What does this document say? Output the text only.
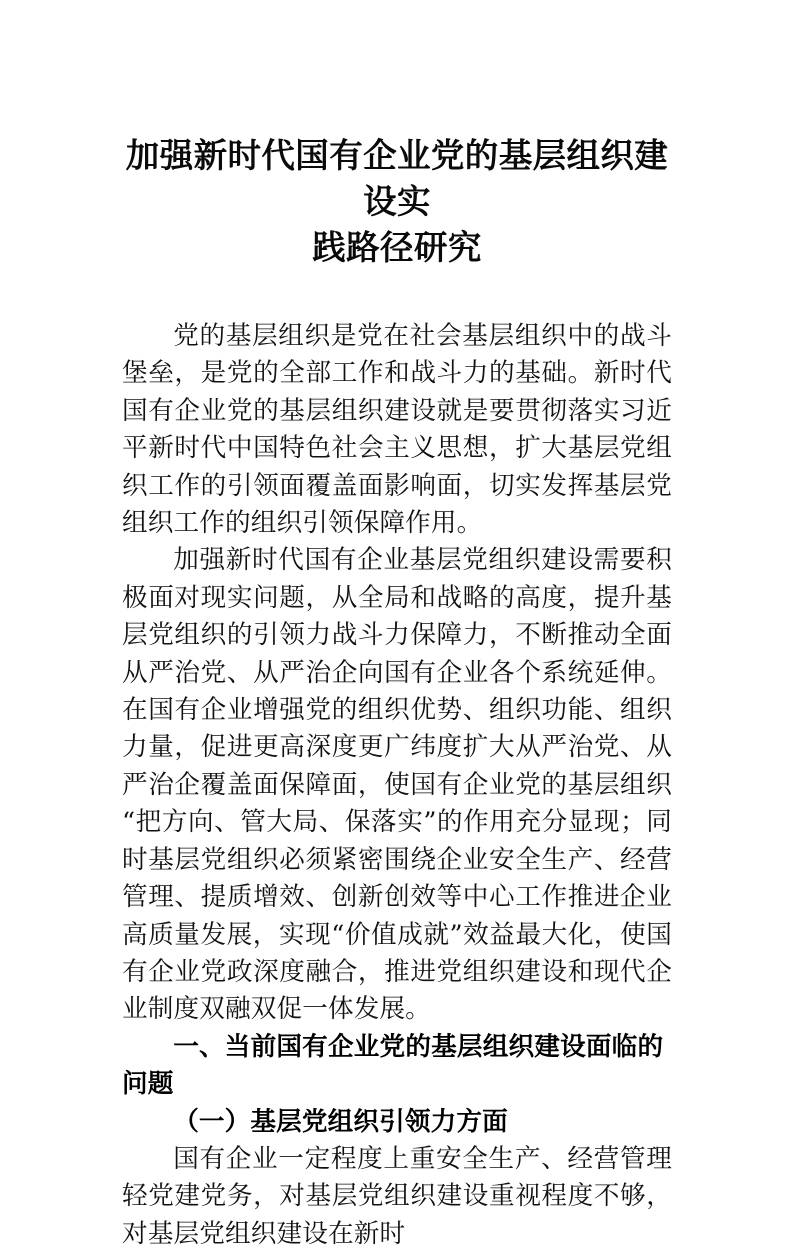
加强新时代国有企业党的基层组织建设实
践路径研究

党的基层组织是党在社会基层组织中的战斗堡垒，是党的全部工作和战斗力的基础。新时代国有企业党的基层组织建设就是要贯彻落实习近平新时代中国特色社会主义思想，扩大基层党组织工作的引领面覆盖面影响面，切实发挥基层党组织工作的组织引领保障作用。

加强新时代国有企业基层党组织建设需要积极面对现实问题，从全局和战略的高度，提升基层党组织的引领力战斗力保障力，不断推动全面从严治党、从严治企向国有企业各个系统延伸。在国有企业增强党的组织优势、组织功能、组织力量，促进更高深度更广纬度扩大从严治党、从严治企覆盖面保障面，使国有企业党的基层组织“把方向、管大局、保落实”的作用充分显现；同时基层党组织必须紧密围绕企业安全生产、经营管理、提质增效、创新创效等中心工作推进企业高质量发展，实现“价值成就”效益最大化，使国有企业党政深度融合，推进党组织建设和现代企业制度双融双促一体发展。

一、当前国有企业党的基层组织建设面临的问题
（一）基层党组织引领力方面

国有企业一定程度上重安全生产、经营管理轻党建党务，对基层党组织建设重视程度不够，对基层党组织建设在新时
